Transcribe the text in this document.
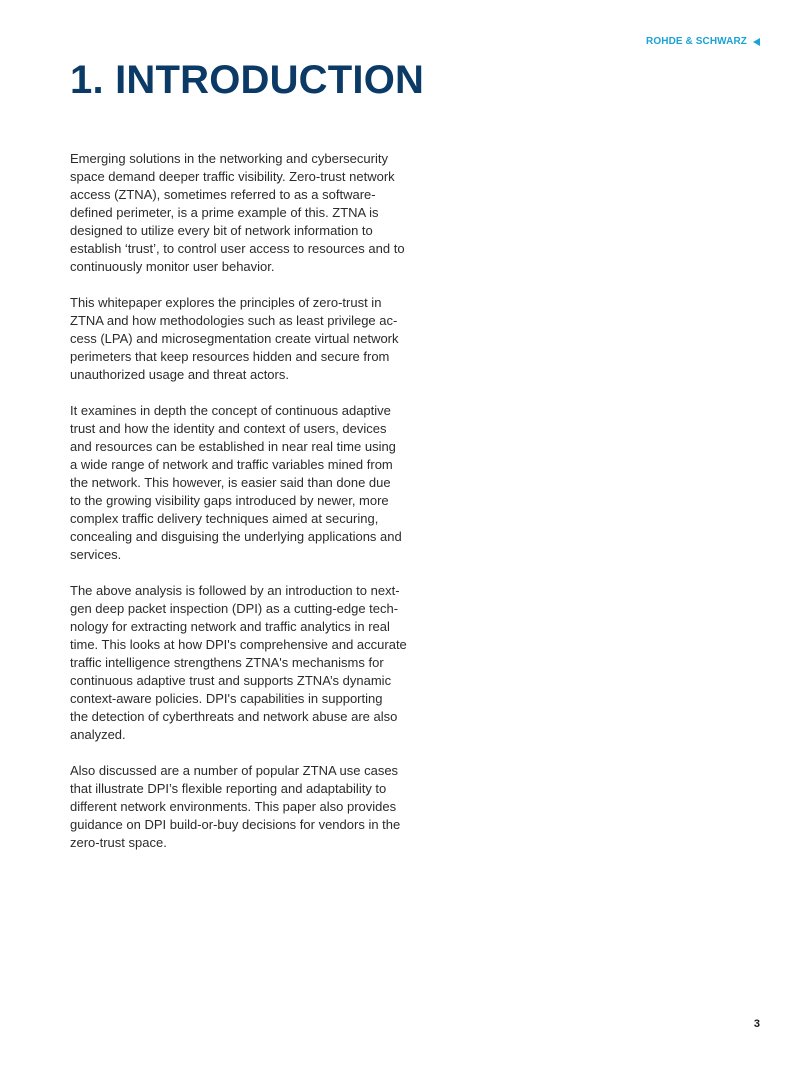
ROHDE & SCHWARZ
1. INTRODUCTION

Emerging solutions in the networking and cybersecurity
space demand deeper traffic visibility. Zero-trust network
access (ZTNA), sometimes referred to as a software-
defined perimeter, is a prime example of this. ZTNA is
designed to utilize every bit of network information to
establish ‘trust’, to control user access to resources and to
continuously monitor user behavior.

This whitepaper explores the principles of zero-trust in
ZTNA and how methodologies such as least privilege ac-
cess (LPA) and microsegmentation create virtual network
perimeters that keep resources hidden and secure from
unauthorized usage and threat actors.

It examines in depth the concept of continuous adaptive
trust and how the identity and context of users, devices
and resources can be established in near real time using
a wide range of network and traffic variables mined from
the network. This however, is easier said than done due
to the growing visibility gaps introduced by newer, more
complex traffic delivery techniques aimed at securing,
concealing and disguising the underlying applications and
services.

The above analysis is followed by an introduction to next-
gen deep packet inspection (DPI) as a cutting-edge tech-
nology for extracting network and traffic analytics in real
time. This looks at how DPI's comprehensive and accurate
traffic intelligence strengthens ZTNA's mechanisms for
continuous adaptive trust and supports ZTNA’s dynamic
context-aware policies. DPI's capabilities in supporting
the detection of cyberthreats and network abuse are also
analyzed.

Also discussed are a number of popular ZTNA use cases
that illustrate DPI’s flexible reporting and adaptability to
different network environments. This paper also provides
guidance on DPI build-or-buy decisions for vendors in the
zero-trust space.

3
